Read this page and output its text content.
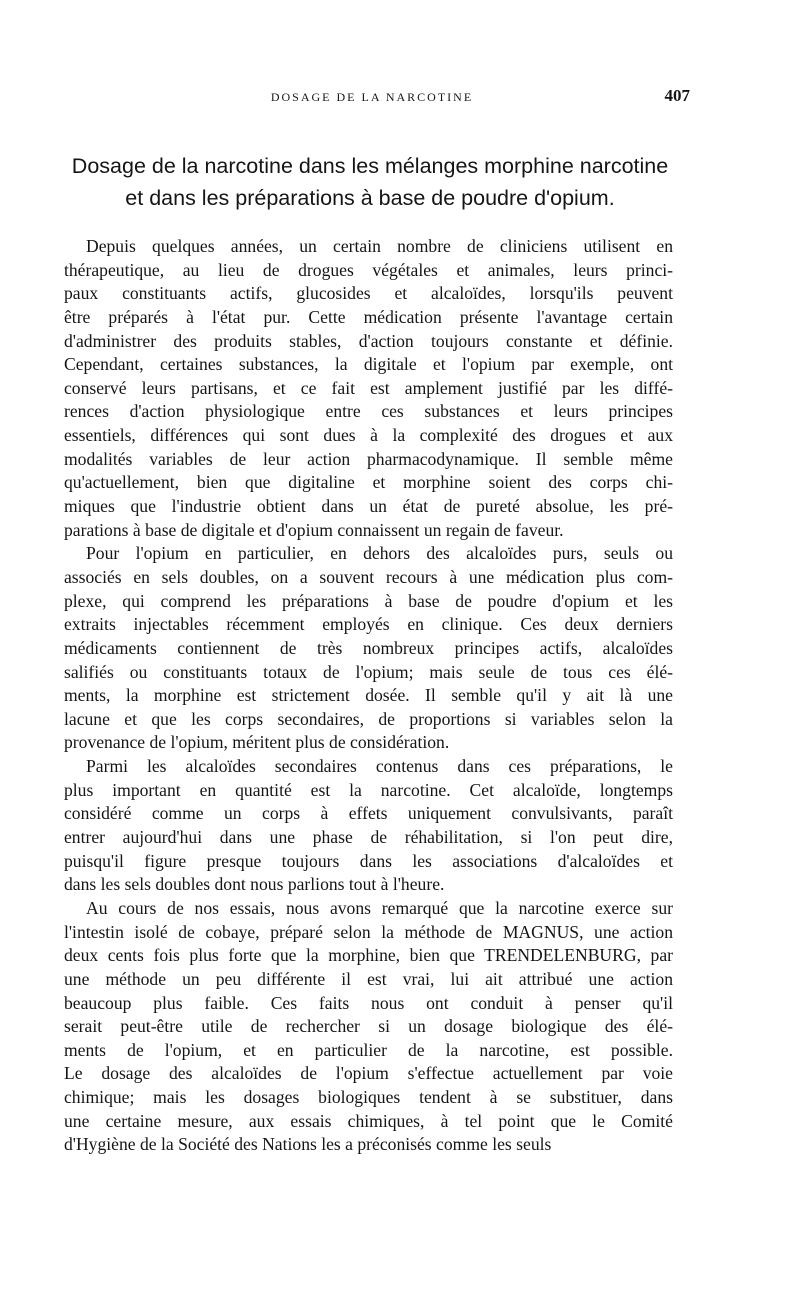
DOSAGE DE LA NARCOTINE	407
Dosage de la narcotine dans les mélanges morphine narcotine
et dans les préparations à base de poudre d'opium.
Depuis quelques années, un certain nombre de cliniciens utilisent en
thérapeutique, au lieu de drogues végétales et animales, leurs princi-
paux constituants actifs, glucosides et alcaloïdes, lorsqu'ils peuvent
être préparés à l'état pur. Cette médication présente l'avantage certain
d'administrer des produits stables, d'action toujours constante et définie.
Cependant, certaines substances, la digitale et l'opium par exemple, ont
conservé leurs partisans, et ce fait est amplement justifié par les diffé-
rences d'action physiologique entre ces substances et leurs principes
essentiels, différences qui sont dues à la complexité des drogues et aux
modalités variables de leur action pharmacodynamique. Il semble même
qu'actuellement, bien que digitaline et morphine soient des corps chi-
miques que l'industrie obtient dans un état de pureté absolue, les pré-
parations à base de digitale et d'opium connaissent un regain de faveur.
Pour l'opium en particulier, en dehors des alcaloïdes purs, seuls ou
associés en sels doubles, on a souvent recours à une médication plus com-
plexe, qui comprend les préparations à base de poudre d'opium et les
extraits injectables récemment employés en clinique. Ces deux derniers
médicaments contiennent de très nombreux principes actifs, alcaloïdes
salifiés ou constituants totaux de l'opium; mais seule de tous ces élé-
ments, la morphine est strictement dosée. Il semble qu'il y ait là une
lacune et que les corps secondaires, de proportions si variables selon la
provenance de l'opium, méritent plus de considération.
Parmi les alcaloïdes secondaires contenus dans ces préparations, le
plus important en quantité est la narcotine. Cet alcaloïde, longtemps
considéré comme un corps à effets uniquement convulsivants, paraît
entrer aujourd'hui dans une phase de réhabilitation, si l'on peut dire,
puisqu'il figure presque toujours dans les associations d'alcaloïdes et
dans les sels doubles dont nous parlions tout à l'heure.
Au cours de nos essais, nous avons remarqué que la narcotine exerce sur
l'intestin isolé de cobaye, préparé selon la méthode de MAGNUS, une action
deux cents fois plus forte que la morphine, bien que TRENDELENBURG, par
une méthode un peu différente il est vrai, lui ait attribué une action
beaucoup plus faible. Ces faits nous ont conduit à penser qu'il
serait peut-être utile de rechercher si un dosage biologique des élé-
ments de l'opium, et en particulier de la narcotine, est possible.
Le dosage des alcaloïdes de l'opium s'effectue actuellement par voie
chimique; mais les dosages biologiques tendent à se substituer, dans
une certaine mesure, aux essais chimiques, à tel point que le Comité
d'Hygiène de la Société des Nations les a préconisés comme les seuls
